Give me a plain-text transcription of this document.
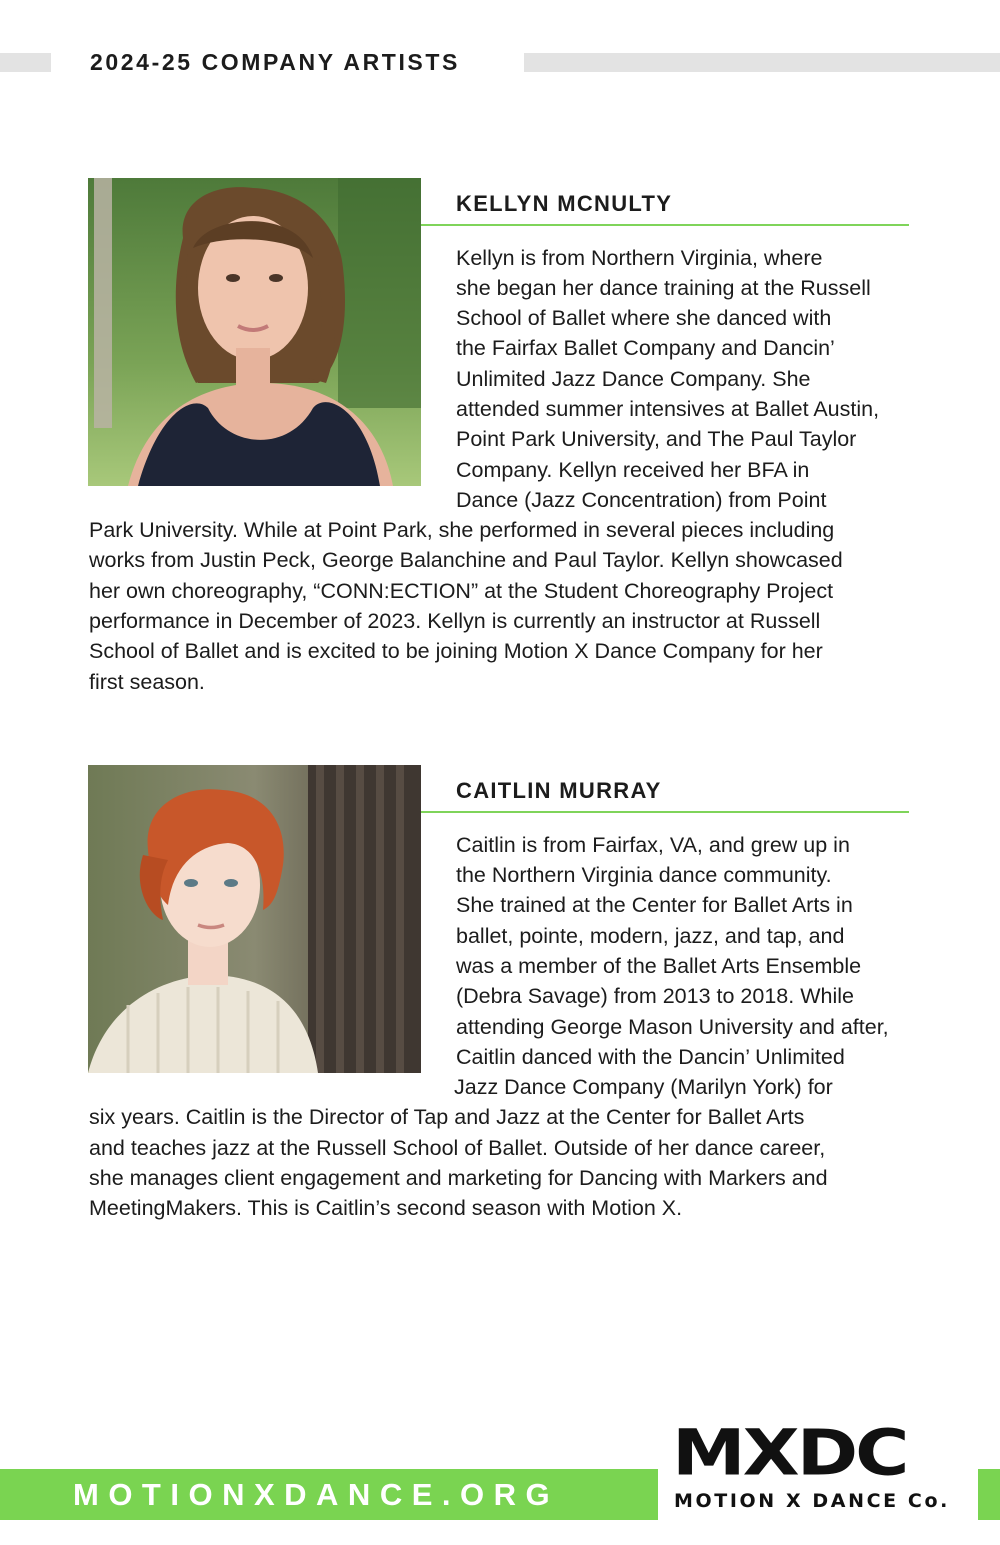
2024-25 COMPANY ARTISTS
KELLYN MCNULTY
Kellyn is from Northern Virginia, where
she began her dance training at the Russell
School of Ballet where she danced with
the Fairfax Ballet Company and Dancin’
Unlimited Jazz Dance Company. She
attended summer intensives at Ballet Austin,
Point Park University, and The Paul Taylor
Company. Kellyn received her BFA in
Dance (Jazz Concentration) from Point
Park University. While at Point Park, she performed in several pieces including
works from Justin Peck, George Balanchine and Paul Taylor. Kellyn showcased
her own choreography, “CONN:ECTION” at the Student Choreography Project
performance in December of 2023. Kellyn is currently an instructor at Russell
School of Ballet and is excited to be joining Motion X Dance Company for her
first season.
CAITLIN MURRAY
Caitlin is from Fairfax, VA, and grew up in
the Northern Virginia dance community.
She trained at the Center for Ballet Arts in
ballet, pointe, modern, jazz, and tap, and
was a member of the Ballet Arts Ensemble
(Debra Savage) from 2013 to 2018. While
attending George Mason University and after,
Caitlin danced with the Dancin’ Unlimited
Jazz Dance Company (Marilyn York) for
six years. Caitlin is the Director of Tap and Jazz at the Center for Ballet Arts
and teaches jazz at the Russell School of Ballet. Outside of her dance career,
she manages client engagement and marketing for Dancing with Markers and
MeetingMakers. This is Caitlin’s second season with Motion X.
MOTIONXDANCE.ORG
MXDC
MOTION X DANCE Co.
